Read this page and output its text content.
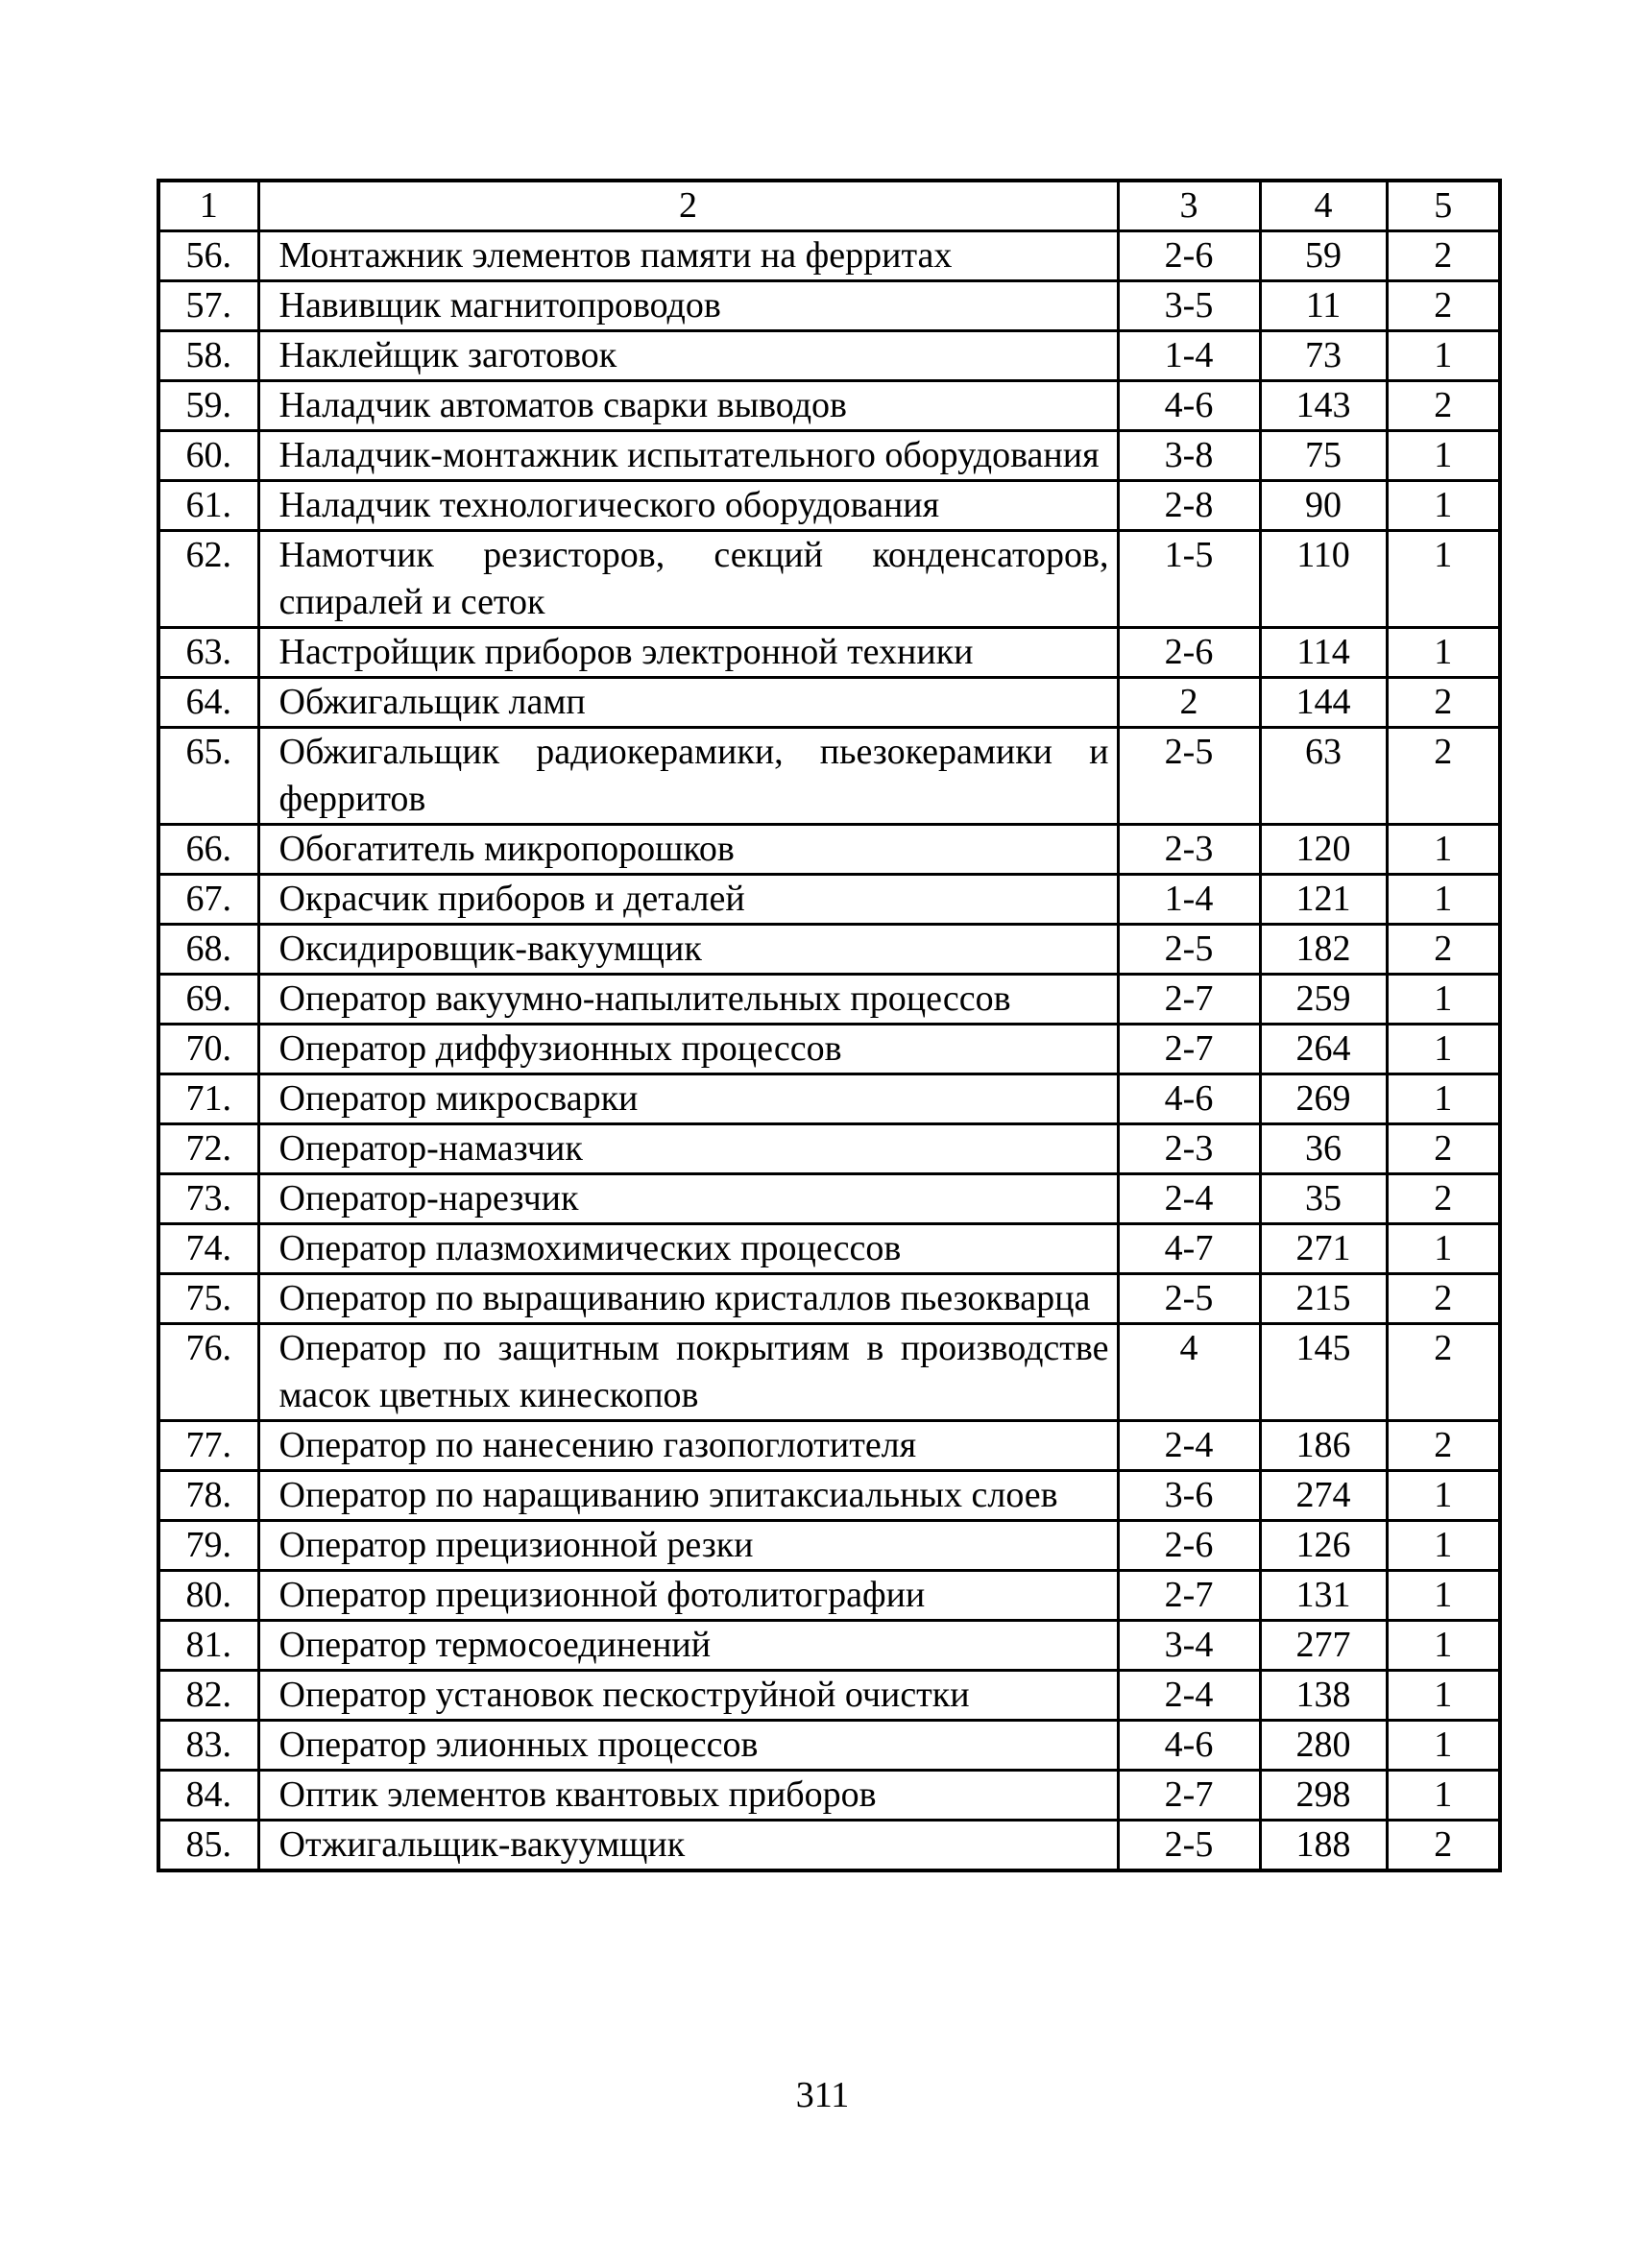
1	2	3	4	5
56.	Монтажник элементов памяти на ферритах	2-6	59	2
57.	Навивщик магнитопроводов	3-5	11	2
58.	Наклейщик заготовок	1-4	73	1
59.	Наладчик автоматов сварки выводов	4-6	143	2
60.	Наладчик-монтажник испытательного оборудования	3-8	75	1
61.	Наладчик технологического оборудования	2-8	90	1
62.	Намотчик резисторов, секций конденсаторов, спиралей и сеток	1-5	110	1
63.	Настройщик приборов электронной техники	2-6	114	1
64.	Обжигальщик ламп	2	144	2
65.	Обжигальщик радиокерамики, пьезокерамики и ферритов	2-5	63	2
66.	Обогатитель микропорошков	2-3	120	1
67.	Окрасчик приборов и деталей	1-4	121	1
68.	Оксидировщик-вакуумщик	2-5	182	2
69.	Оператор вакуумно-напылительных процессов	2-7	259	1
70.	Оператор диффузионных процессов	2-7	264	1
71.	Оператор микросварки	4-6	269	1
72.	Оператор-намазчик	2-3	36	2
73.	Оператор-нарезчик	2-4	35	2
74.	Оператор плазмохимических процессов	4-7	271	1
75.	Оператор по выращиванию кристаллов пьезокварца	2-5	215	2
76.	Оператор по защитным покрытиям в производстве масок цветных кинескопов	4	145	2
77.	Оператор по нанесению газопоглотителя	2-4	186	2
78.	Оператор по наращиванию эпитаксиальных слоев	3-6	274	1
79.	Оператор прецизионной резки	2-6	126	1
80.	Оператор прецизионной фотолитографии	2-7	131	1
81.	Оператор термосоединений	3-4	277	1
82.	Оператор установок пескоструйной очистки	2-4	138	1
83.	Оператор элионных процессов	4-6	280	1
84.	Оптик элементов квантовых приборов	2-7	298	1
85.	Отжигальщик-вакуумщик	2-5	188	2
311
